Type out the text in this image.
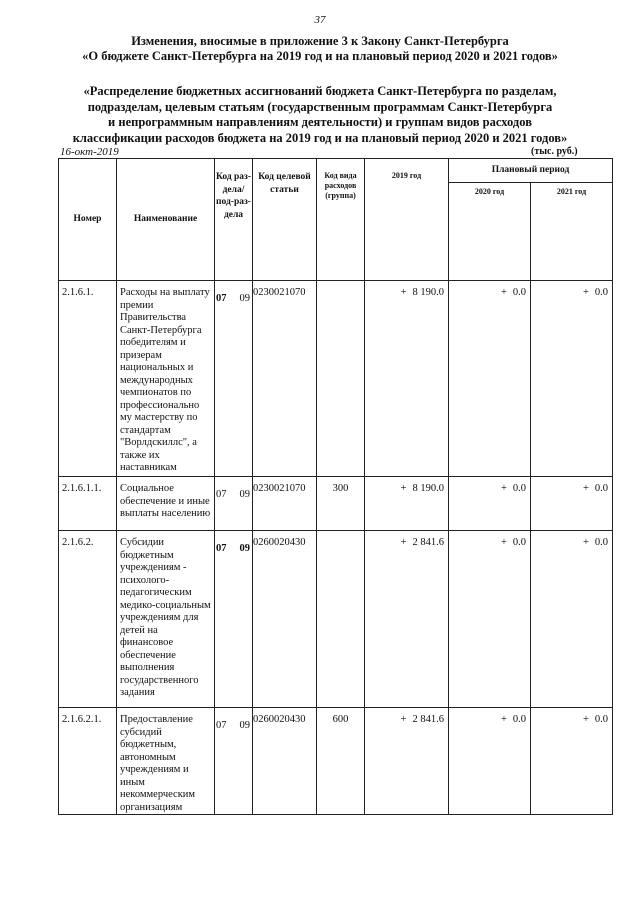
37
Изменения, вносимые в приложение 3 к Закону Санкт-Петербурга
«О бюджете Санкт-Петербурга на 2019 год и на плановый период 2020 и 2021 годов»
«Распределение бюджетных ассигнований бюджета Санкт-Петербурга по разделам,
подразделам, целевым статьям (государственным программам Санкт-Петербурга
и непрограммным направлениям деятельности) и группам видов расходов
классификации расходов бюджета на 2019 год и на плановый период 2020 и 2021 годов»
16-окт-2019	(тыс. руб.)
Номер	Наименование	Код раз-дела/ под-раз-дела	Код целевой статьи	Код вида расходов (группа)	2019 год	Плановый период	
						2020 год	2021 год
2.1.6.1.	Расходы на выплату премии Правительства Санкт-Петербурга победителям и призерам национальных и международных чемпионатов по профессионально му мастерству по стандартам "Ворлдскиллс", а также их наставникам	07 09	0230021070		+ 8 190.0	+ 0.0	+ 0.0
2.1.6.1.1.	Социальное обеспечение и иные выплаты населению	07 09	0230021070	300	+ 8 190.0	+ 0.0	+ 0.0
2.1.6.2.	Субсидии бюджетным учреждениям - психолого-педагогическим медико-социальным учреждениям для детей на финансовое обеспечение выполнения государственного задания	07 09	0260020430		+ 2 841.6	+ 0.0	+ 0.0
2.1.6.2.1.	Предоставление субсидий бюджетным, автономным учреждениям и иным некоммерческим организациям	07 09	0260020430	600	+ 2 841.6	+ 0.0	+ 0.0
